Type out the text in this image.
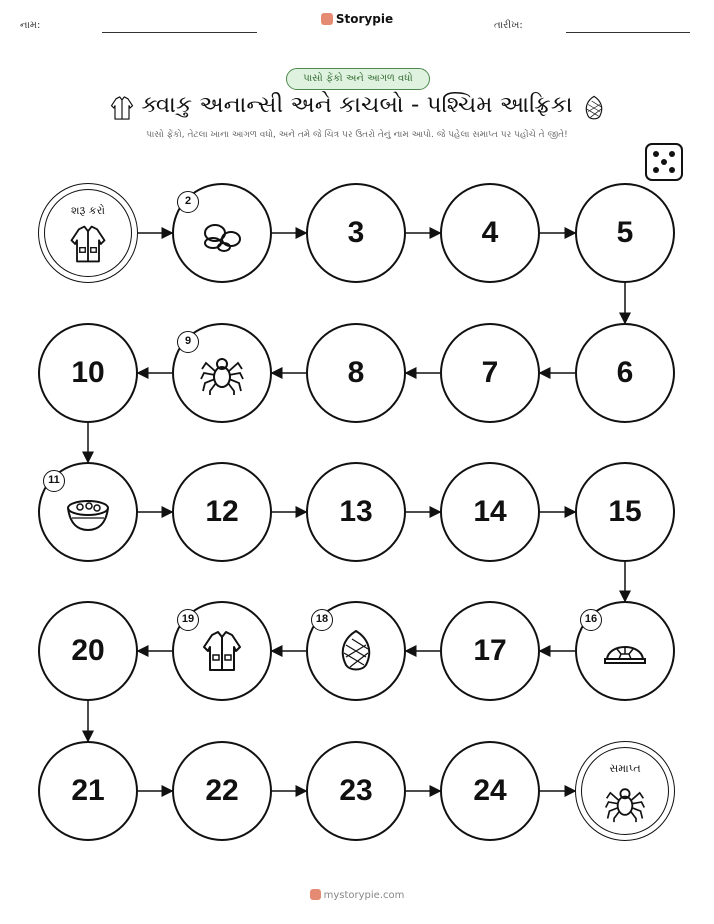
નામ:	Storypie	તારીખ:
પાસો ફેંકો અને આગળ વધો
ક્વાકુ અનાન્સી અને કાચબો - પશ્ચિમ આફ્રિકા
પાસો ફેંકો, તેટલા ખાના આગળ વધો, અને તમે જે ચિત્ર પર ઉતરો તેનું નામ આપો. જે પહેલા સમાપ્ત પર પહોંચે તે જીતે!
શરૂ કરો
2
3	4	5
6
7
8
9
10
11
12	13	14	15
16
17
18
19
20
21	22	23	24
સમાપ્ત
mystorypie.com
